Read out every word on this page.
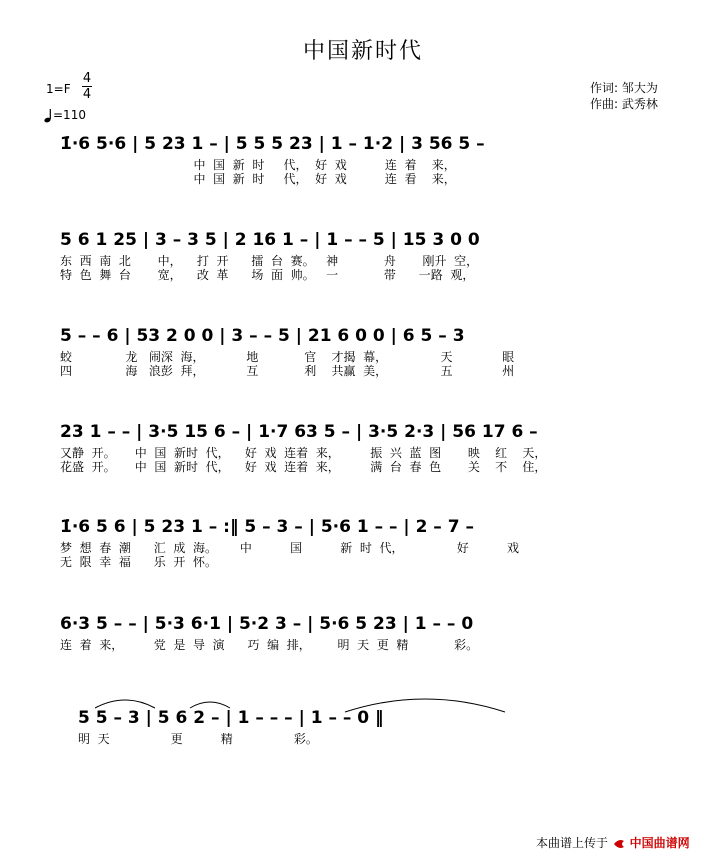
中国新时代
1=F
4
4
=110
作词: 邹大为
作曲: 武秀林
1̇·6 5·6 | 5 23 1 – | 5 5 5 23 | 1 – 1·2 | 3 56 5 –
中  国  新  时     代，  好  戏          连  着    来，
中  国  新  时     代，  好  戏          连  看    来，
5 6 1 25 | 3 – 3 5 | 2 16 1 – | 1 – – 5 | 15 3 0 0
东  西  南  北       中，    打  开      擂  台  赛。   神            舟       刚升  空，
特  色  舞  台       宽，    改  革      场  面  帅。   一            带      一路  观，
5 – – 6 | 53 2 0 0 | 3 – – 5 | 21 6 0 0 | 6 5 – 3
蛟              龙   闹深  海，           地            官    才揭  幕，              天             眼
四              海   浪彭  拜，           互            利    共赢  美，              五             州
23 1 – – | 3·5 15 6 – | 1·7 63 5 – | 3·5 2·3 | 56 17 6 –
又静  开。     中  国  新时  代，    好  戏  连着  来，        振  兴  蓝  图       映    红    天，
花盛  开。     中  国  新时  代，    好  戏  连着  来，        满  台  春  色       关    不    住，
1̇·6 5 6 | 5 23 1 – :‖ 5 – 3 – | 5·6 1 – – | 2 – 7 –
梦  想  春  潮      汇  成  海。      中          国          新  时  代，              好          戏
无  限  幸  福      乐  开  怀。
6·3 5 – – | 5·3 6·1 | 5·2 3 – | 5·6 5 23 | 1 – – 0
连  着  来，        党  是  导  演      巧  编  排，       明  天  更  精            彩。
5 5 – 3 | 5 6 2 – | 1 – – – | 1 – – 0 ‖
明  天                更          精                彩。
本曲谱上传于 中国曲谱网
